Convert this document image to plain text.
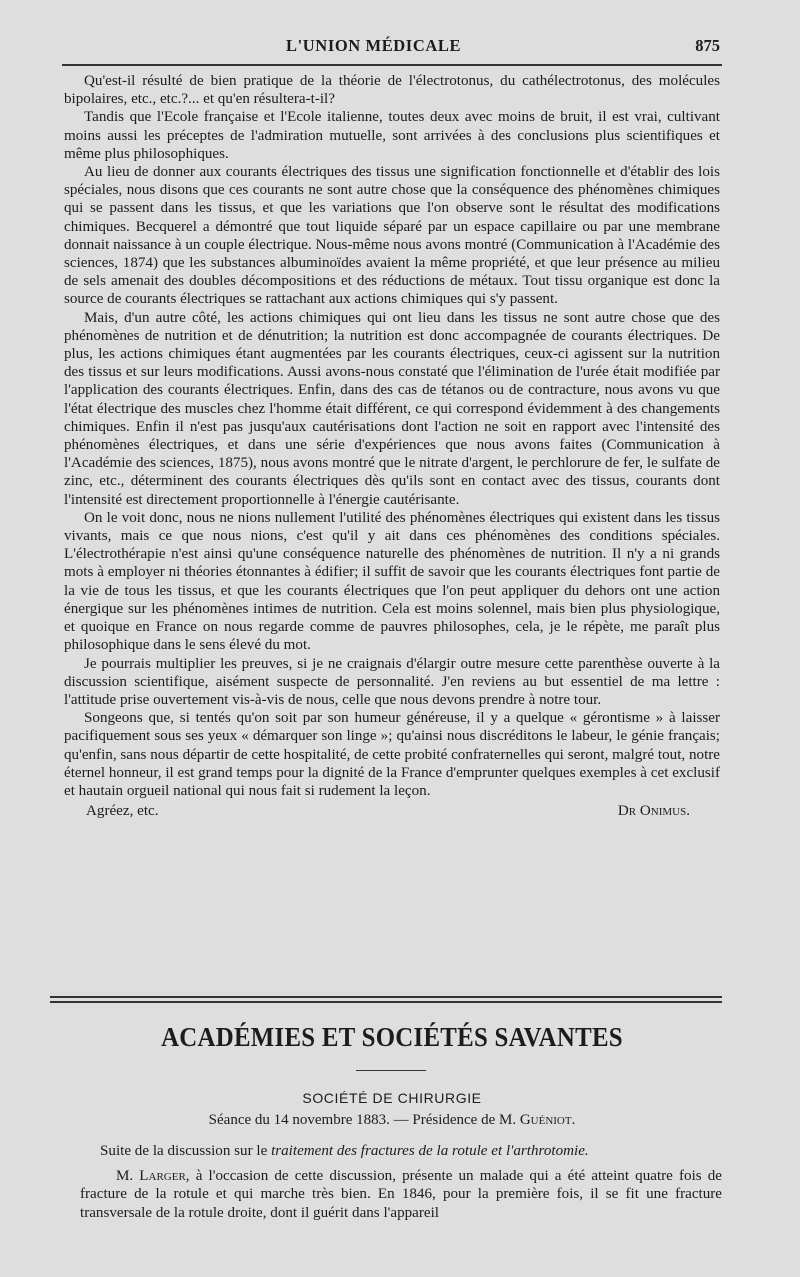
L'UNION MÉDICALE	875

Qu'est-il résulté de bien pratique de la théorie de l'électrotonus, du cathélectrotonus, des molécules bipolaires, etc., etc.?... et qu'en résultera-t-il?

Tandis que l'Ecole française et l'Ecole italienne, toutes deux avec moins de bruit, il est vrai, cultivant moins aussi les préceptes de l'admiration mutuelle, sont arrivées à des conclusions plus scientifiques et même plus philosophiques.

Au lieu de donner aux courants électriques des tissus une signification fonctionnelle et d'établir des lois spéciales, nous disons que ces courants ne sont autre chose que la conséquence des phénomènes chimiques qui se passent dans les tissus, et que les variations que l'on observe sont le résultat des modifications chimiques. Becquerel a démontré que tout liquide séparé par un espace capillaire ou par une membrane donnait naissance à un couple électrique. Nous-même nous avons montré (Communication à l'Académie des sciences, 1874) que les substances albuminoïdes avaient la même propriété, et que leur présence au milieu de sels amenait des doubles décompositions et des réductions de métaux. Tout tissu organique est donc la source de courants électriques se rattachant aux actions chimiques qui s'y passent.

Mais, d'un autre côté, les actions chimiques qui ont lieu dans les tissus ne sont autre chose que des phénomènes de nutrition et de dénutrition; la nutrition est donc accompagnée de courants électriques. De plus, les actions chimiques étant augmentées par les courants électriques, ceux-ci agissent sur la nutrition des tissus et sur leurs modifications. Aussi avons-nous constaté que l'élimination de l'urée était modifiée par l'application des courants électriques. Enfin, dans des cas de tétanos ou de contracture, nous avons vu que l'état électrique des muscles chez l'homme était différent, ce qui correspond évidemment à des changements chimiques. Enfin il n'est pas jusqu'aux cautérisations dont l'action ne soit en rapport avec l'intensité des phénomènes électriques, et dans une série d'expériences que nous avons faites (Communication à l'Académie des sciences, 1875), nous avons montré que le nitrate d'argent, le perchlorure de fer, le sulfate de zinc, etc., déterminent des courants électriques dès qu'ils sont en contact avec des tissus, courants dont l'intensité est directement proportionnelle à l'énergie cautérisante.

On le voit donc, nous ne nions nullement l'utilité des phénomènes électriques qui existent dans les tissus vivants, mais ce que nous nions, c'est qu'il y ait dans ces phénomènes des conditions spéciales. L'électrothérapie n'est ainsi qu'une conséquence naturelle des phénomènes de nutrition. Il n'y a ni grands mots à employer ni théories étonnantes à édifier; il suffit de savoir que les courants électriques font partie de la vie de tous les tissus, et que les courants électriques que l'on peut appliquer du dehors ont une action énergique sur les phénomènes intimes de nutrition. Cela est moins solennel, mais bien plus physiologique, et quoique en France on nous regarde comme de pauvres philosophes, cela, je le répète, me paraît plus philosophique dans le sens élevé du mot.

Je pourrais multiplier les preuves, si je ne craignais d'élargir outre mesure cette parenthèse ouverte à la discussion scientifique, aisément suspecte de personnalité. J'en reviens au but essentiel de ma lettre : l'attitude prise ouvertement vis-à-vis de nous, celle que nous devons prendre à notre tour.

Songeons que, si tentés qu'on soit par son humeur généreuse, il y a quelque « gérontisme » à laisser pacifiquement sous ses yeux « démarquer son linge »; qu'ainsi nous discréditons le labeur, le génie français; qu'enfin, sans nous départir de cette hospitalité, de cette probité confraternelles qui seront, malgré tout, notre éternel honneur, il est grand temps pour la dignité de la France d'emprunter quelques exemples à cet exclusif et hautain orgueil national qui nous fait si rudement la leçon.

Agréez, etc.	Dr Onimus.
ACADÉMIES ET SOCIÉTÉS SAVANTES
SOCIÉTÉ DE CHIRURGIE
Séance du 14 novembre 1883. — Présidence de M. Guéniot.

Suite de la discussion sur le traitement des fractures de la rotule et l'arthrotomie.

M. Larger, à l'occasion de cette discussion, présente un malade qui a été atteint quatre fois de fracture de la rotule et qui marche très bien. En 1846, pour la première fois, il se fit une fracture transversale de la rotule droite, dont il guérit dans l'appareil
